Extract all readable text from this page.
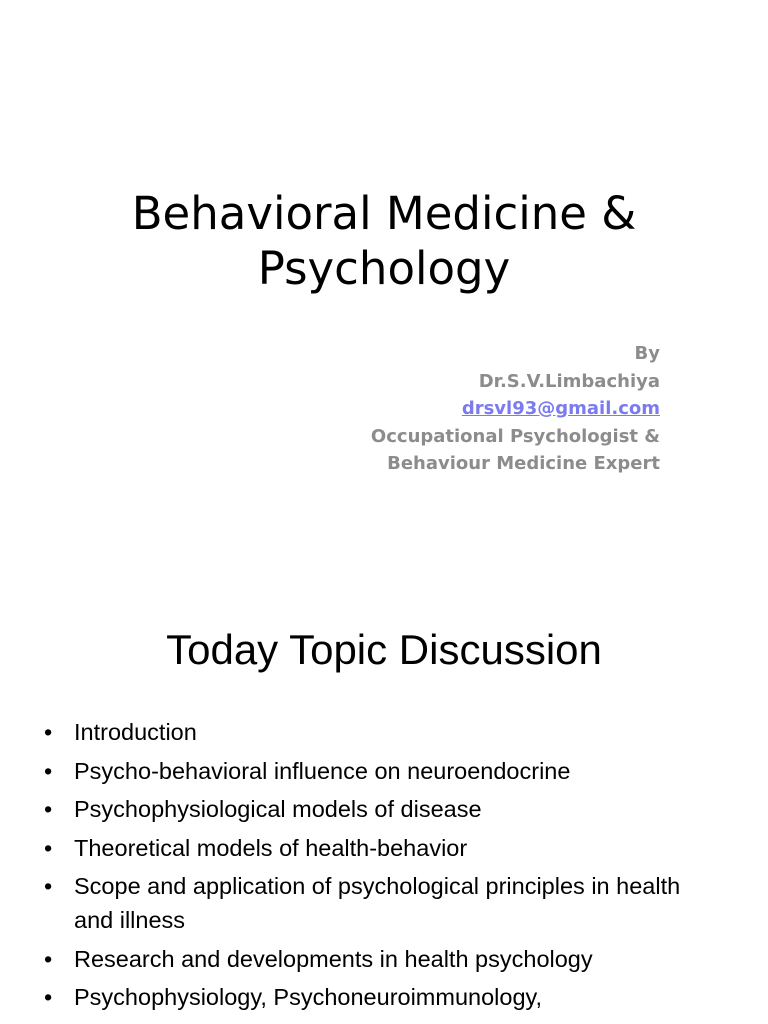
Behavioral Medicine &
Psychology
By
Dr.S.V.Limbachiya
drsvl93@gmail.com
Occupational Psychologist &
Behaviour Medicine Expert
Today Topic Discussion
• Introduction
• Psycho-behavioral influence on neuroendocrine
• Psychophysiological models of disease
• Theoretical models of health-behavior
• Scope and application of psychological principles in health and illness
• Research and developments in health psychology
• Psychophysiology, Psychoneuroimmunology,
